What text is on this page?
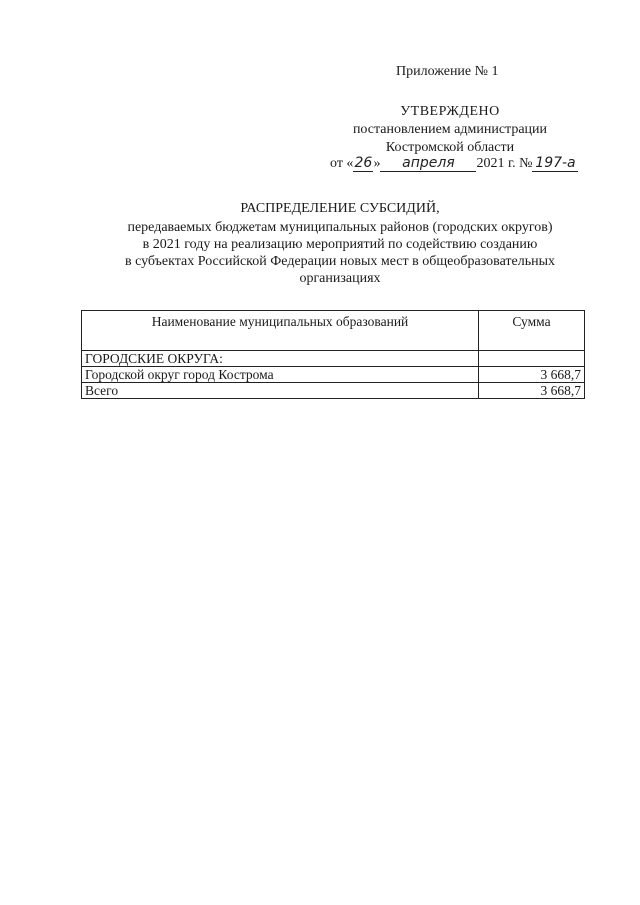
Приложение № 1
УТВЕРЖДЕНО
постановлением администрации
Костромской области
от «26» апреля 2021 г. № 197-а
РАСПРЕДЕЛЕНИЕ СУБСИДИЙ,
передаваемых бюджетам муниципальных районов (городских округов)
в 2021 году на реализацию мероприятий по содействию созданию
в субъектах Российской Федерации новых мест в общеобразовательных
организациях
Наименование муниципальных образований	Сумма
ГОРОДСКИЕ ОКРУГА:	
Городской округ город Кострома	3 668,7
Всего	3 668,7
